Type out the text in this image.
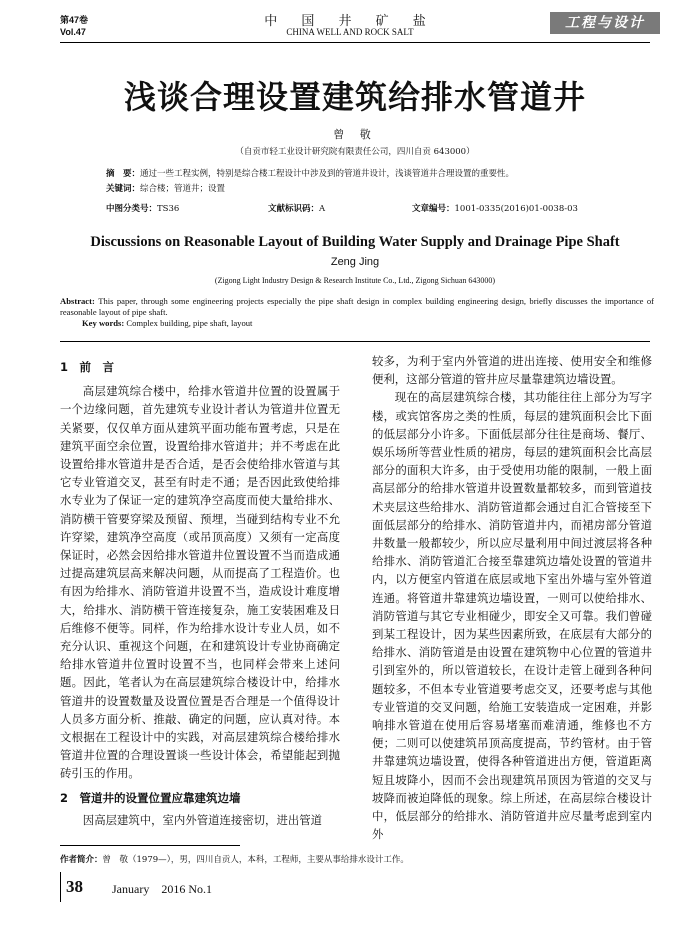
第47卷
Vol.47
中 国 井 矿 盐
CHINA WELL AND ROCK SALT
工程与设计
浅谈合理设置建筑给排水管道井
曾 敬
（自贡市轻工业设计研究院有限责任公司，四川自贡 643000）
摘　要：通过一些工程实例，特别是综合楼工程设计中涉及到的管道井设计，浅谈管道井合理设置的重要性。
关键词：综合楼；管道井；设置
中图分类号：TS36	文献标识码：A	文章编号：1001-0335(2016)01-0038-03
Discussions on Reasonable Layout of Building Water Supply and Drainage Pipe Shaft
Zeng Jing
(Zigong Light Industry Design & Research Institute Co., Ltd., Zigong Sichuan 643000)
Abstract: This paper, through some engineering projects especially the pipe shaft design in complex building engineering design, briefly discusses the importance of reasonable layout of pipe shaft.
Key words: Complex building, pipe shaft, layout
1　前　言

高层建筑综合楼中，给排水管道井位置的设置属于一个边缘问题，首先建筑专业设计者认为管道井位置无关紧要，仅仅单方面从建筑平面功能布置考虑，只是在建筑平面空余位置，设置给排水管道井；并不考虑在此设置给排水管道井是否合适，是否会使给排水管道与其它专业管道交叉，甚至有时走不通；是否因此致使给排水专业为了保证一定的建筑净空高度而使大量给排水、消防横干管要穿梁及预留、预埋，当碰到结构专业不允许穿梁，建筑净空高度（或吊顶高度）又须有一定高度保证时，必然会因给排水管道井位置设置不当而造成通过提高建筑层高来解决问题，从而提高了工程造价。也有因为给排水、消防管道井设置不当，造成设计难度增大，给排水、消防横干管连接复杂，施工安装困难及日后维修不便等。同样，作为给排水设计专业人员，如不充分认识、重视这个问题，在和建筑设计专业协商确定给排水管道井位置时设置不当，也同样会带来上述问题。因此，笔者认为在高层建筑综合楼设计中，给排水管道井的设置数量及设置位置是否合理是一个值得设计人员多方面分析、推敲、确定的问题，应认真对待。本文根据在工程设计中的实践，对高层建筑综合楼给排水管道井位置的合理设置谈一些设计体会，希望能起到抛砖引玉的作用。

2　管道井的设置位置应靠建筑边墙

因高层建筑中，室内外管道连接密切，进出管道

较多，为利于室内外管道的进出连接、使用安全和维修便利，这部分管道的管井应尽量靠建筑边墙设置。

现在的高层建筑综合楼，其功能往往上部分为写字楼，或宾馆客房之类的性质，每层的建筑面积会比下面的低层部分小许多。下面低层部分往往是商场、餐厅、娱乐场所等营业性质的裙房，每层的建筑面积会比高层部分的面积大许多，由于受使用功能的限制，一般上面高层部分的给排水管道井设置数量都较多，而到管道技术夹层这些给排水、消防管道都会通过自汇合管接至下面低层部分的给排水、消防管道井内，而裙房部分管道井数量一般都较少，所以应尽量利用中间过渡层将各种给排水、消防管道汇合接至靠建筑边墙处设置的管道井内，以方便室内管道在底层或地下室出外墙与室外管道连通。将管道井靠建筑边墙设置，一则可以使给排水、消防管道与其它专业相碰少，即安全又可靠。我们曾碰到某工程设计，因为某些因素所致，在底层有大部分的给排水、消防管道是由设置在建筑物中心位置的管道井引到室外的，所以管道较长，在设计走管上碰到各种问题较多，不但本专业管道要考虑交叉，还要考虑与其他专业管道的交叉问题，给施工安装造成一定困难，并影响排水管道在使用后容易堵塞而难清通，维修也不方便；二则可以使建筑吊顶高度提高，节约管材。由于管井靠建筑边墙设置，使得各种管道进出方便，管道距离短且坡降小，因而不会出现建筑吊顶因为管道的交叉与坡降而被迫降低的现象。综上所述，在高层综合楼设计中，低层部分的给排水、消防管道井应尽量考虑到室内外

作者简介：曾　敬（1979—），男，四川自贡人，本科，工程师，主要从事给排水设计工作。
38 January　2016 No.1
